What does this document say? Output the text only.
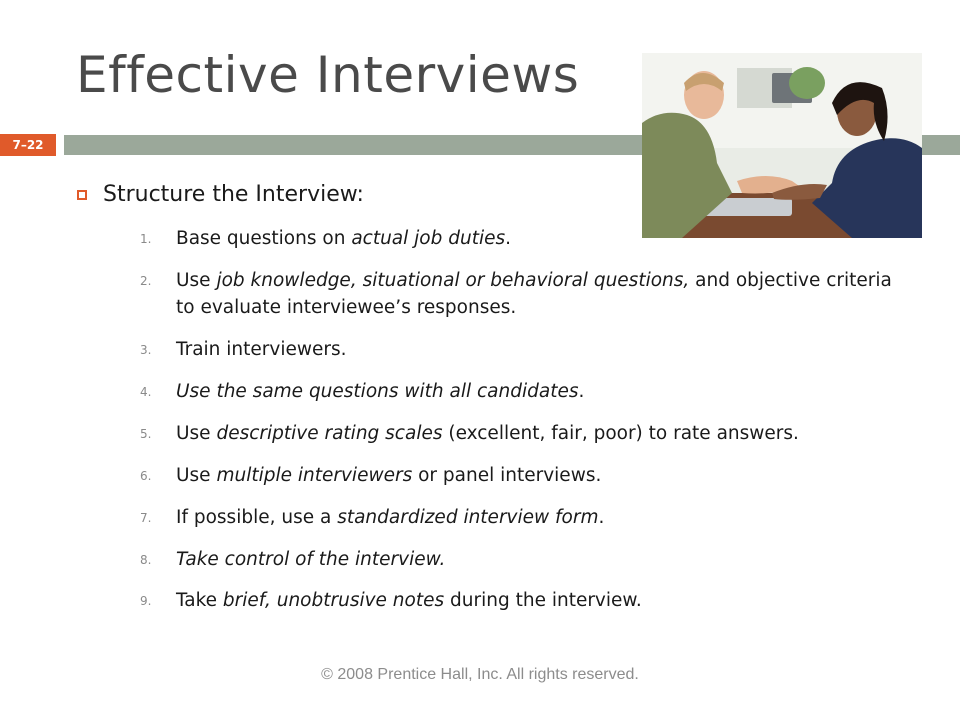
Effective Interviews
7–22
Structure the Interview:
1.	Base questions on actual job duties.
2.	Use job knowledge, situational or behavioral questions, and objective criteria to evaluate interviewee’s responses.
3.	Train interviewers.
4.	Use the same questions with all candidates.
5.	Use descriptive rating scales (excellent, fair, poor) to rate answers.
6.	Use multiple interviewers or panel interviews.
7.	If possible, use a standardized interview form.
8.	Take control of the interview.
9.	Take brief, unobtrusive notes during the interview.
© 2008 Prentice Hall, Inc. All rights reserved.
